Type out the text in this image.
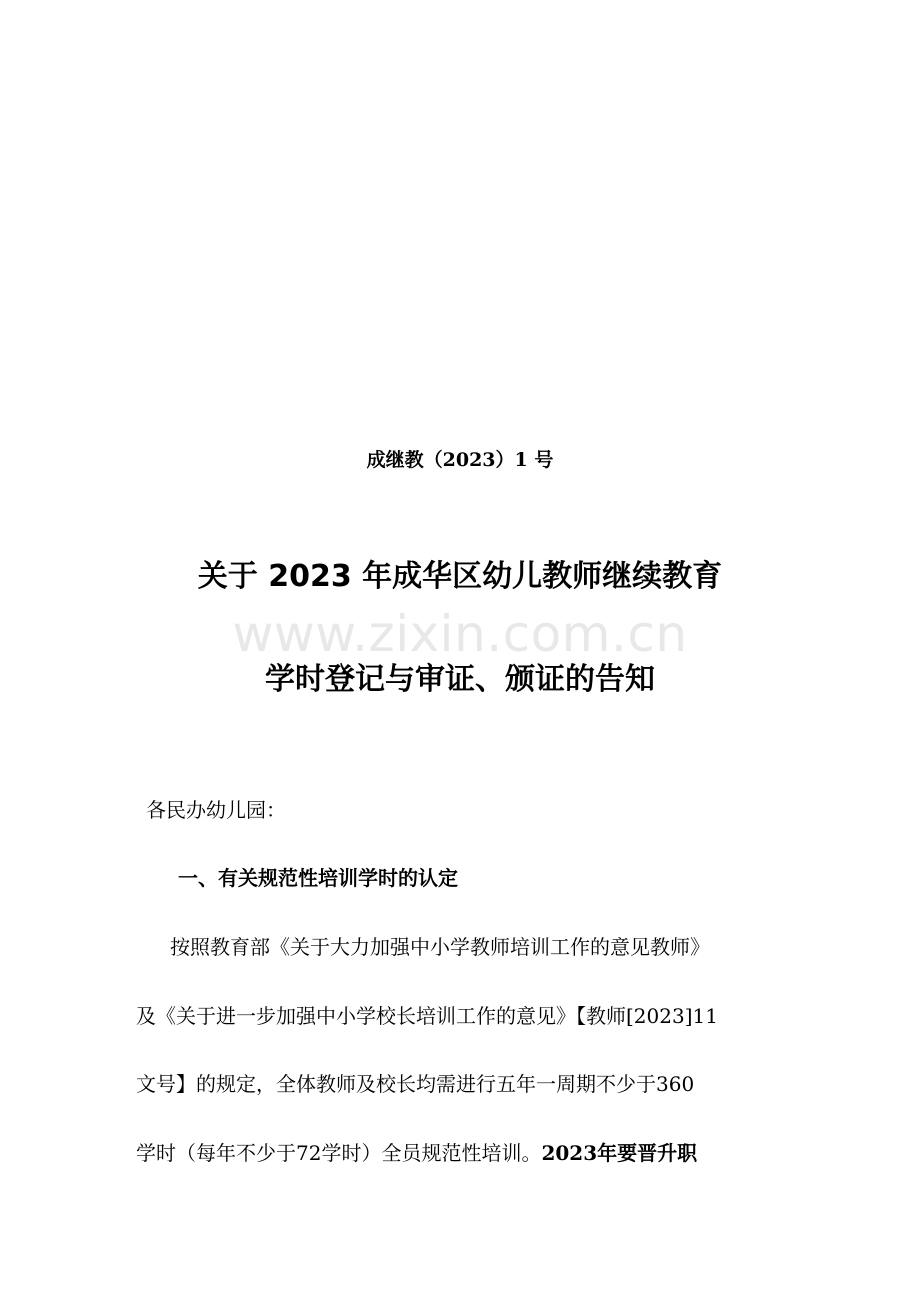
成继教（2023）1 号
关于 2023 年成华区幼儿教师继续教育
www.zixin.com.cn
学时登记与审证、颁证的告知
各民办幼儿园：
一、有关规范性培训学时的认定
按照教育部《关于大力加强中小学教师培训工作的意见教师》
及《关于进一步加强中小学校长培训工作的意见》【教师[2023]11
文号】的规定，全体教师及校长均需进行五年一周期不少于360
学时（每年不少于72学时）全员规范性培训。2023年要晋升职
